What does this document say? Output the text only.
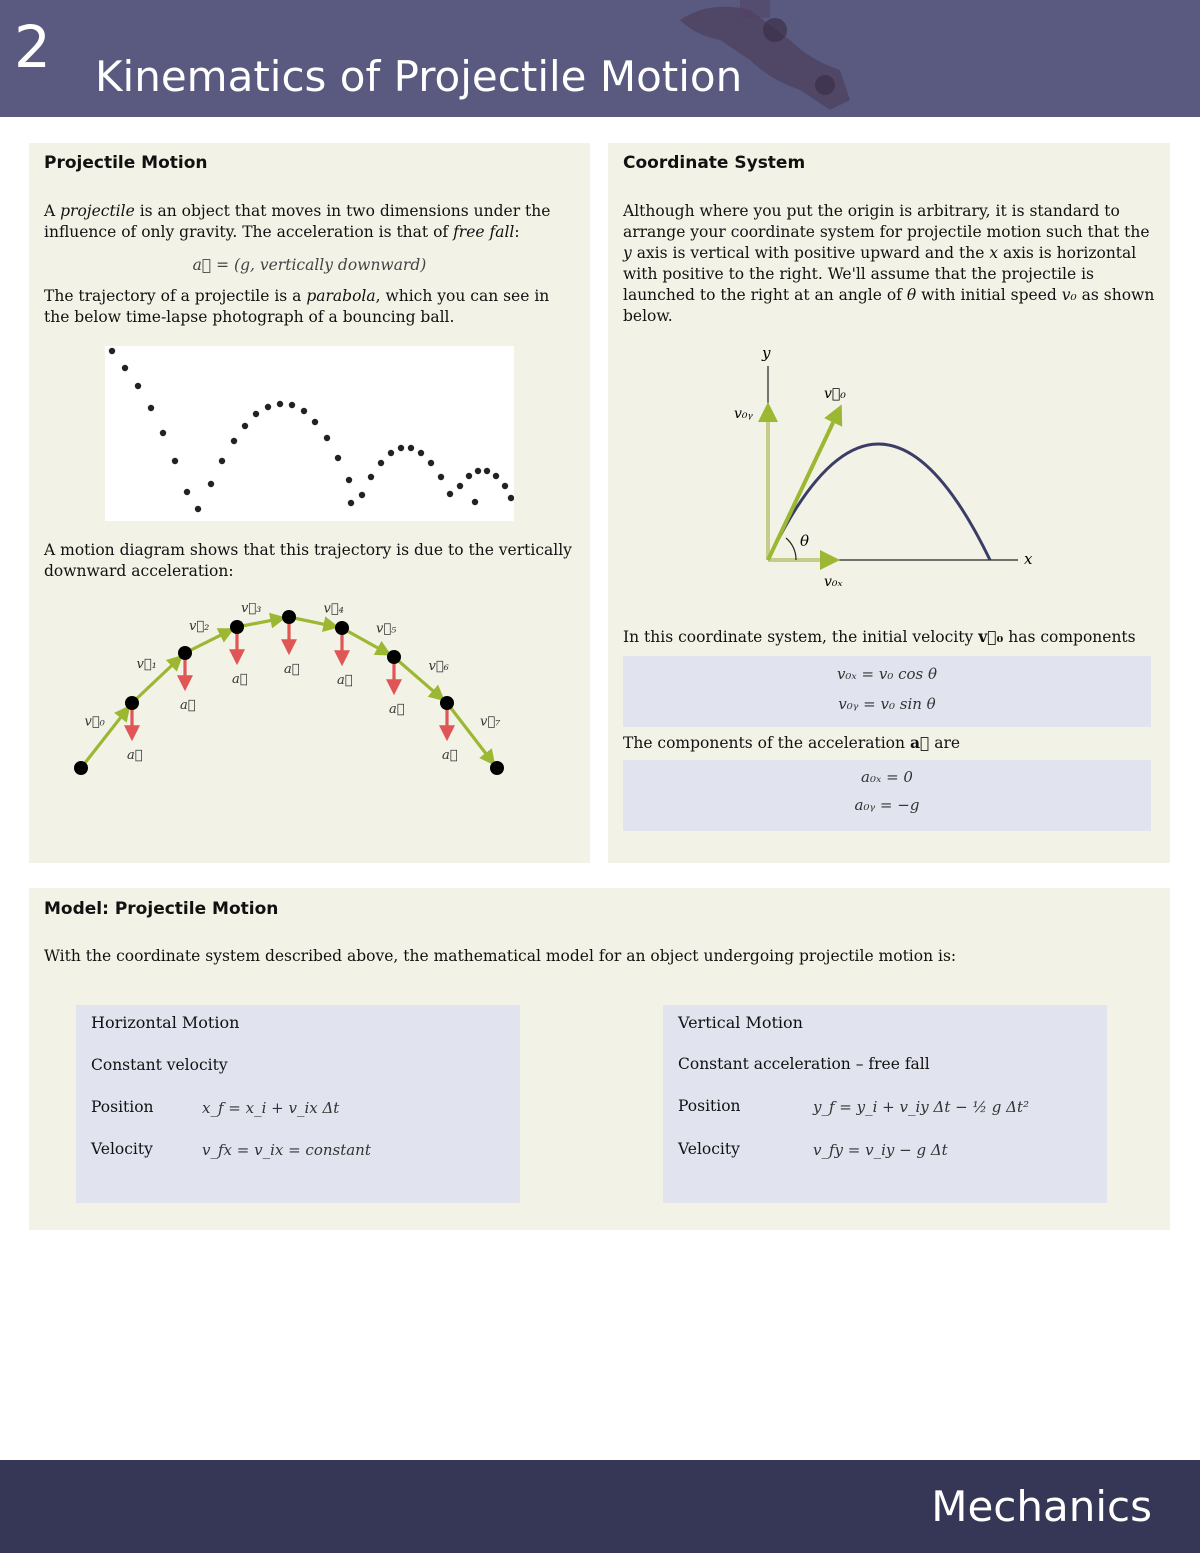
2 Kinematics of Projectile Motion
Projectile Motion
A projectile is an object that moves in two dimensions under the influence of only gravity. The acceleration is that of free fall:
a⃗ = (g, vertically downward)
The trajectory of a projectile is a parabola, which you can see in the below time-lapse photograph of a bouncing ball.
A motion diagram shows that this trajectory is due to the vertically downward acceleration:
v⃗₀
v⃗₁
v⃗₂
v⃗₃	v⃗₄
v⃗₅
v⃗₆
v⃗₇
a⃗
a⃗
a⃗
a⃗
a⃗
a⃗
a⃗
Coordinate System
Although where you put the origin is arbitrary, it is standard to arrange your coordinate system for projectile motion such that the y axis is vertical with positive upward and the x axis is horizontal with positive to the right. We'll assume that the projectile is launched to the right at an angle of θ with initial speed v₀ as shown below.
y
x
v⃗₀
v₀ᵧ
v₀ₓ
θ
In this coordinate system, the initial velocity v⃗₀ has components
v₀ₓ = v₀ cos θ
v₀ᵧ = v₀ sin θ
The components of the acceleration a⃗ are
a₀ₓ = 0
a₀ᵧ = −g
Model: Projectile Motion
With the coordinate system described above, the mathematical model for an object undergoing projectile motion is:
Horizontal Motion
Constant velocity
Position	x_f = x_i + v_ix Δt
Velocity	v_fx = v_ix = constant
Vertical Motion
Constant acceleration – free fall
Position	y_f = y_i + v_iy Δt − ½ g Δt²
Velocity	v_fy = v_iy − g Δt
Mechanics
